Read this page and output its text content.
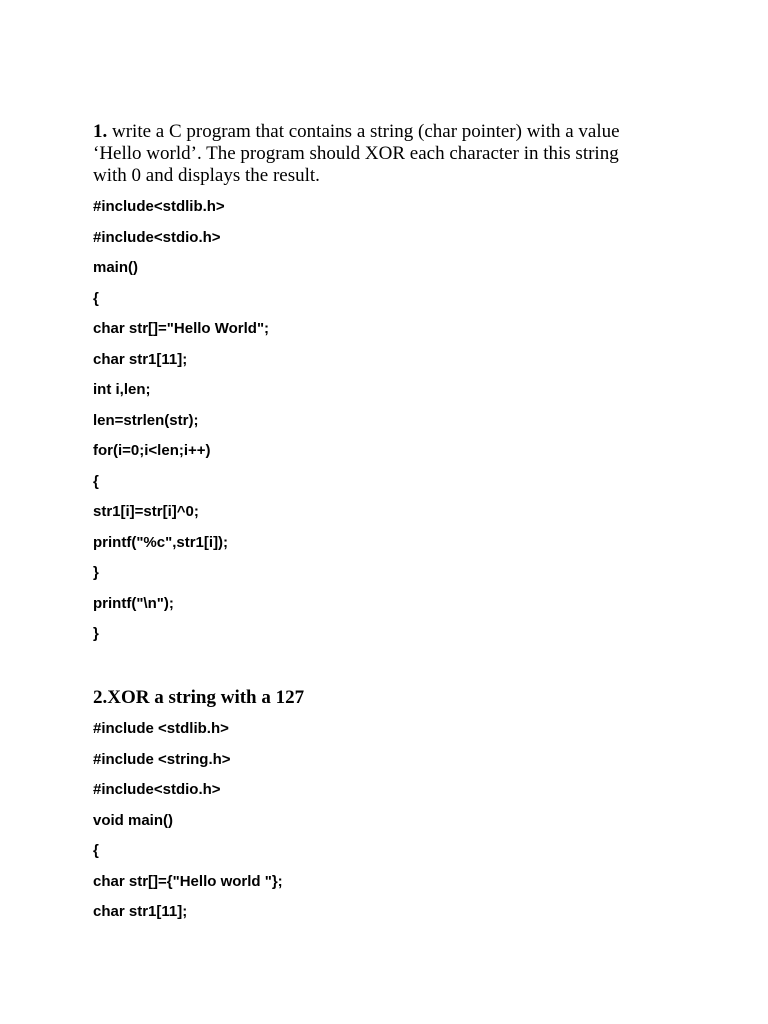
1. write a C program that contains a string (char pointer) with a value

‘Hello world’. The program should XOR each character in this string

with 0 and displays the result.

#include<stdlib.h>

#include<stdio.h>

main()

{

char str[]="Hello World";

char str1[11];

int i,len;

len=strlen(str);

for(i=0;i<len;i++)

{

str1[i]=str[i]^0;

printf("%c",str1[i]);

}

printf("\n");

}

2.XOR a string with a 127

#include <stdlib.h>

#include <string.h>

#include<stdio.h>

void main()

{

char str[]={"Hello world "};

char str1[11];
